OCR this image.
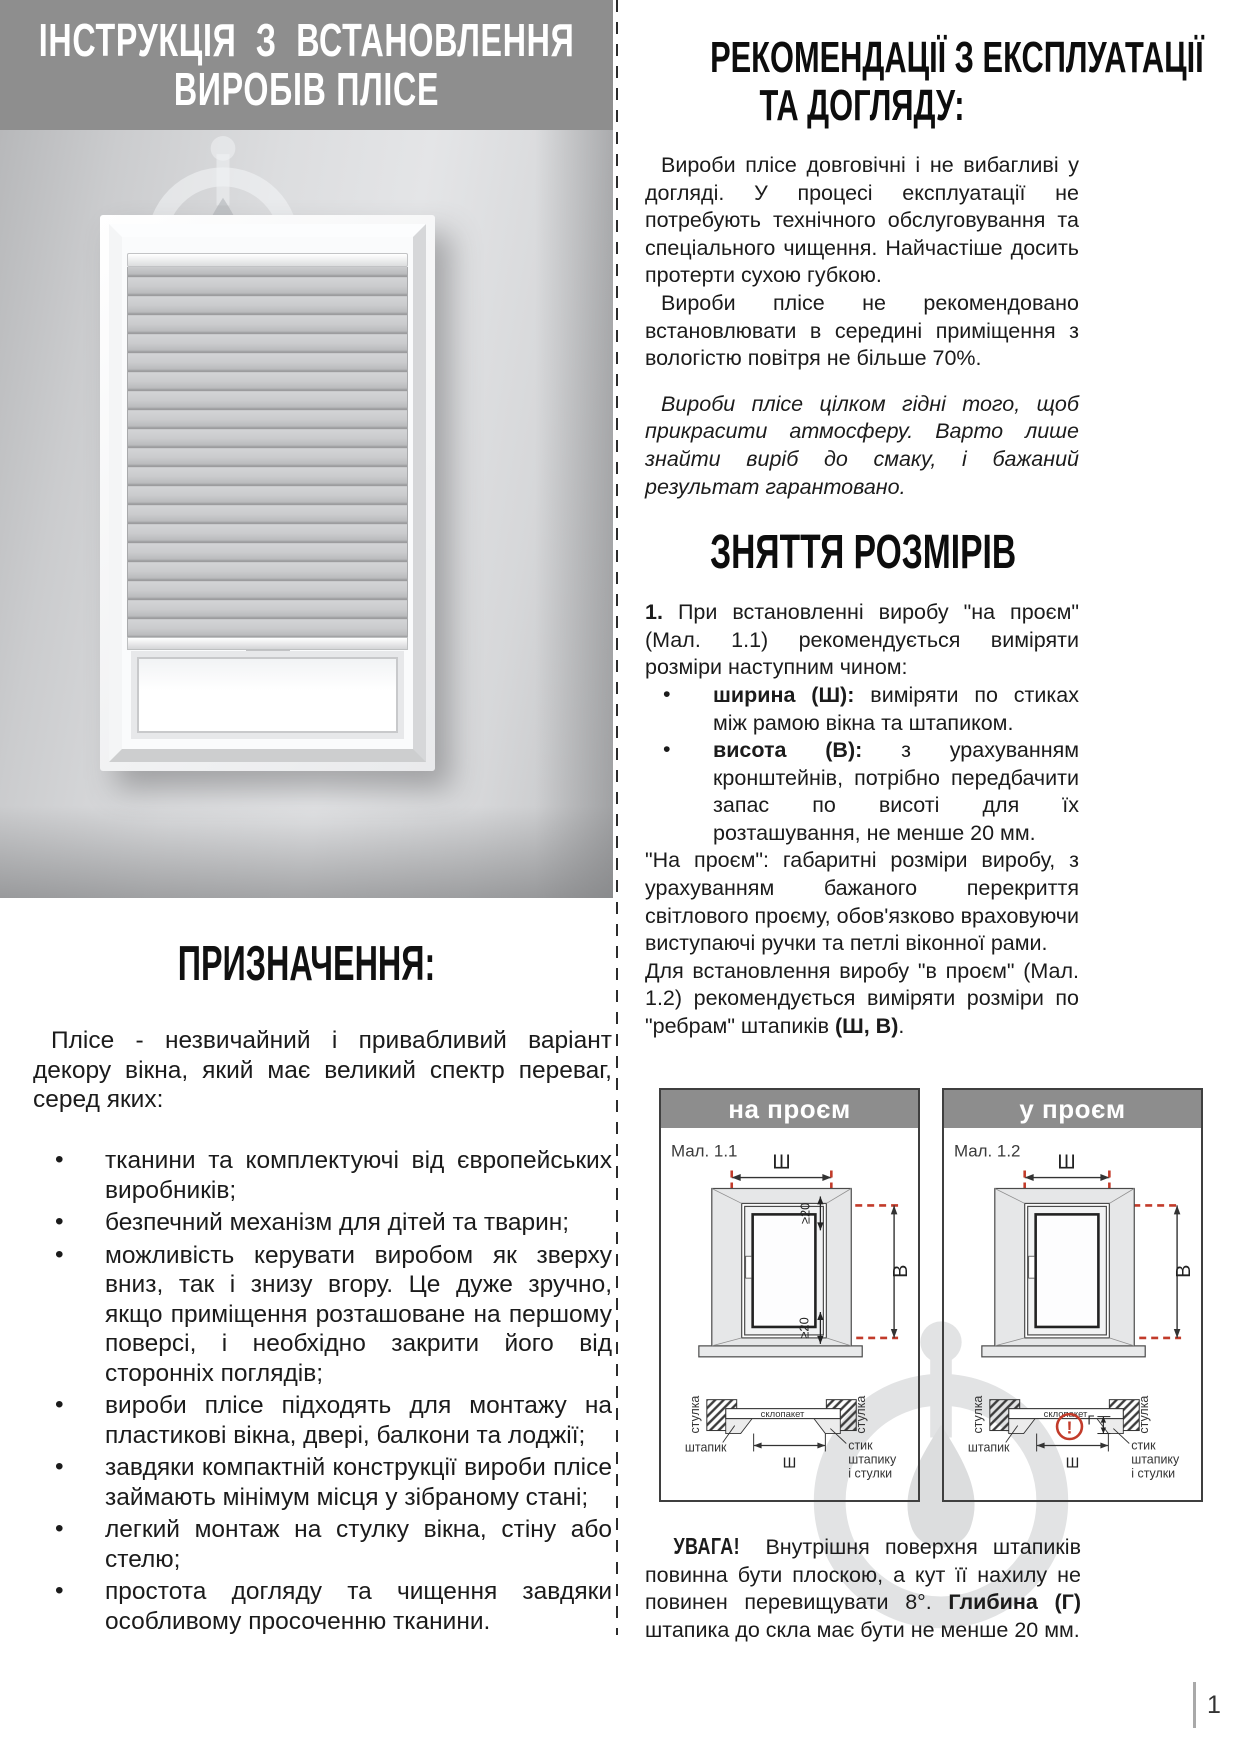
ІНСТРУКЦІЯ З ВСТАНОВЛЕННЯ
ВИРОБІВ ПЛІСЕ
ПРИЗНАЧЕННЯ:

Плісе - незвичайний і привабливий варіант декору вікна, який має великий спектр переваг, серед яких:

• тканини та комплектуючі від європейських виробників;
• безпечний механізм для дітей та тварин;
• можливість керувати виробом як зверху вниз, так і знизу вгору. Це дуже зручно, якщо приміщення розташоване на першому поверсі, і необхідно закрити його від сторонніх поглядів;
• вироби плісе підходять для монтажу на пластикові вікна, двері, балкони та лоджії;
• завдяки компактній конструкції вироби плісе займають мінімум місця у зібраному стані;
• легкий монтаж на стулку вікна, стіну або стелю;
• простота догляду та чищення завдяки особливому просоченню тканини.
РЕКОМЕНДАЦІЇ З ЕКСПЛУАТАЦІЇ
ТА ДОГЛЯДУ:

Вироби плісе довговічні і не вибагливі у догляді. У процесі експлуатації не потребують технічного обслуговування та спеціального чищення. Найчастіше досить протерти сухою губкою.

Вироби плісе не рекомендовано встановлювати в середині приміщення з вологістю повітря не більше 70%.

Вироби плісе цілком гідні того, щоб прикрасити атмосферу. Варто лише знайти виріб до смаку, і бажаний результат гарантовано.

ЗНЯТТЯ РОЗМІРІВ

1. При встановленні виробу "на проєм" (Мал. 1.1) рекомендується виміряти розміри наступним чином:

• ширина (Ш): виміряти по стиках між рамою вікна та штапиком.
• висота (В): з урахуванням кронштейнів, потрібно передбачити запас по висоті для їх розташування, не менше 20 мм.

"На проєм": габаритні розміри виробу, з урахуванням бажаного перекриття світлового проєму, обов'язково враховуючи виступаючі ручки та петлі віконної рами.

Для встановлення виробу "в проєм" (Мал. 1.2) рекомендується виміряти розміри по "ребрам" штапиків (Ш, В).

на проєм
Мал. 1.1
Ш
≥20
≥20
В
склопакет
Ш
штапик
стулка	стулка
стик
штапику
і стулки
у проєм
Мал. 1.2
Ш
В
склопакет
! Г
Ш
штапик
стулка	стулка
стик
штапику
і стулки

УВАГА! Внутрішня поверхня штапиків повинна бути плоскою, а кут її нахилу не повинен перевищувати 8°. Глибина (Г) штапика до скла має бути не менше 20 мм.

1
